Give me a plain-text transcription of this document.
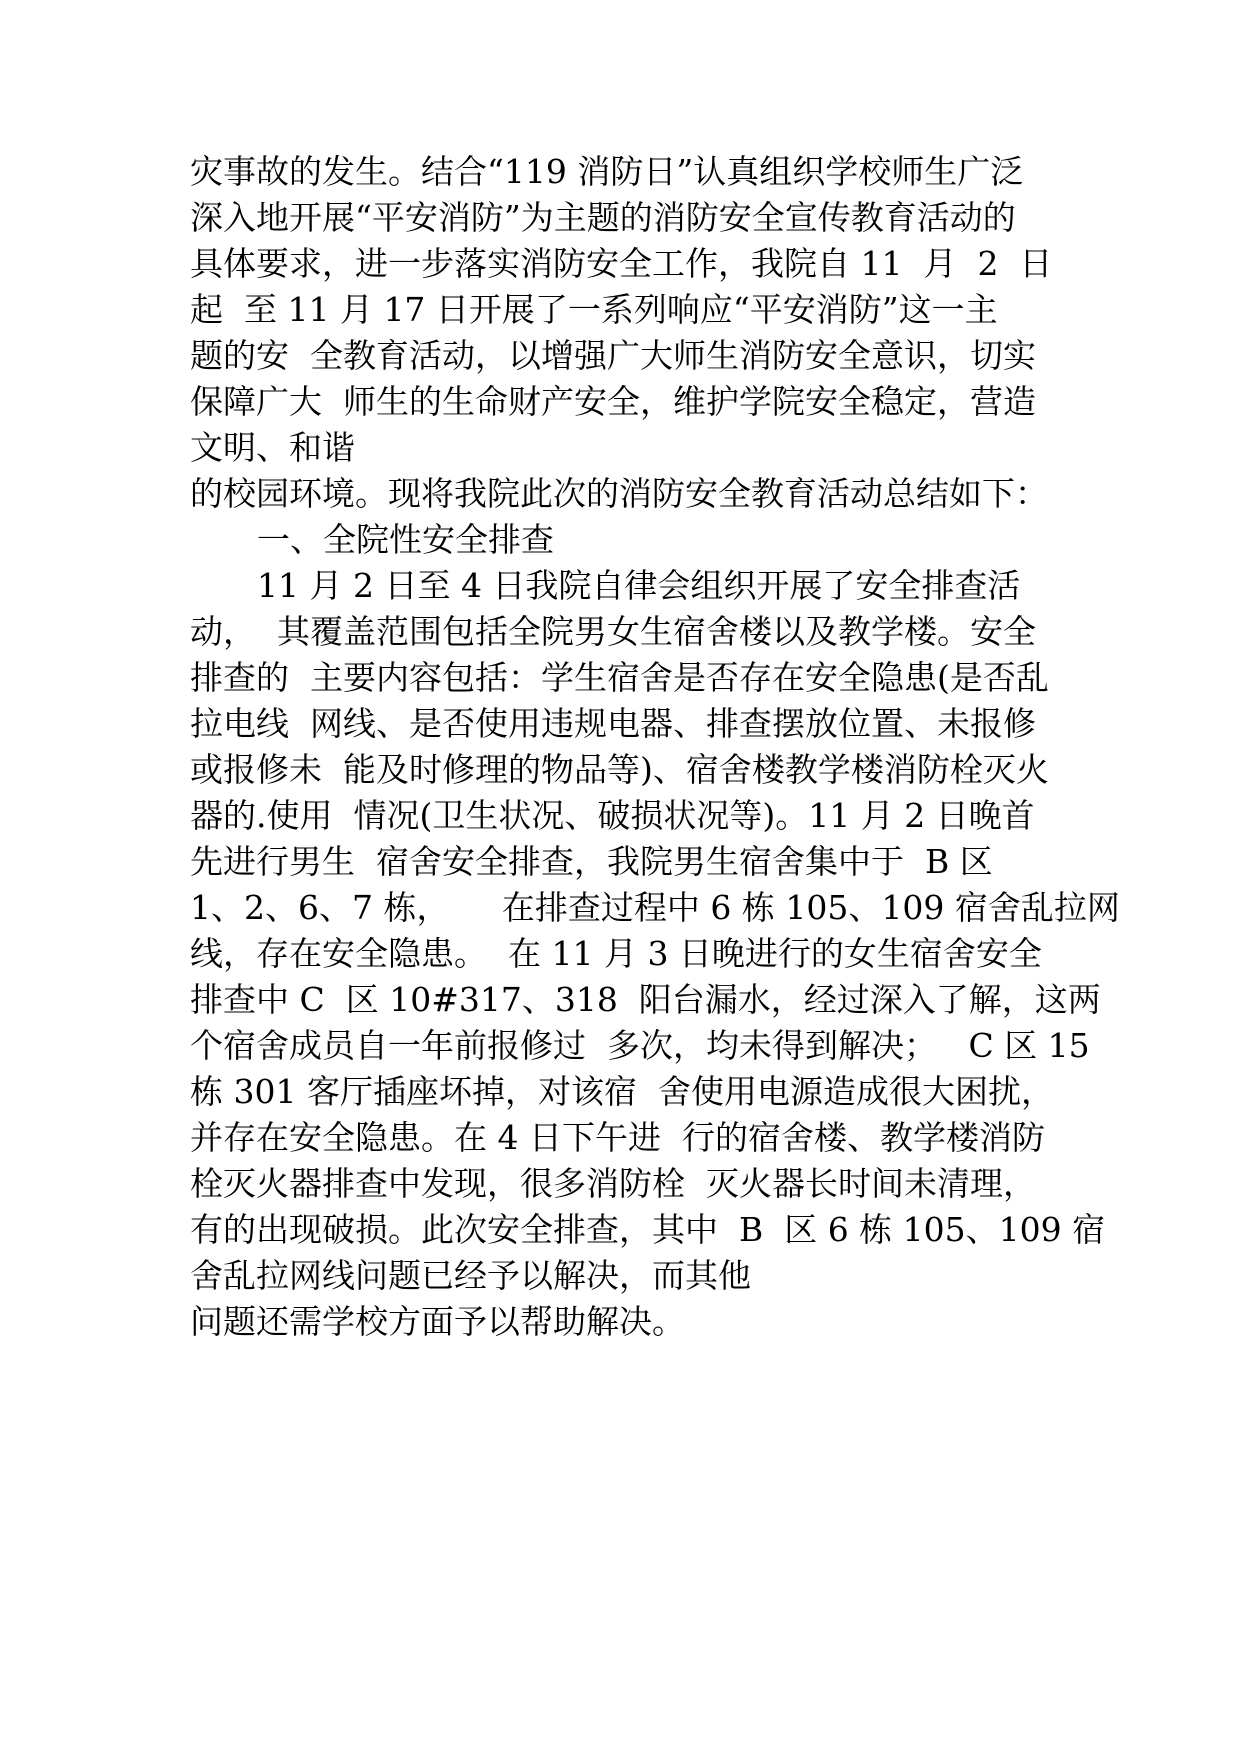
灾事故的发生。结合“119 消防日”认真组织学校师生广泛
深入地开展“平安消防”为主题的消防安全宣传教育活动的
具体要求，进一步落实消防安全工作，我院自 11  月  2  日
起  至 11 月 17 日开展了一系列响应“平安消防”这一主
题的安  全教育活动，以增强广大师生消防安全意识，切实
保障广大  师生的生命财产安全，维护学院安全稳定，营造
文明、和谐
的校园环境。现将我院此次的消防安全教育活动总结如下：
一、全院性安全排查
11 月 2 日至 4 日我院自律会组织开展了安全排查活
动，  其覆盖范围包括全院男女生宿舍楼以及教学楼。安全
排查的  主要内容包括：学生宿舍是否存在安全隐患(是否乱
拉电线  网线、是否使用违规电器、排查摆放位置、未报修
或报修未  能及时修理的物品等)、宿舍楼教学楼消防栓灭火
器的.使用  情况(卫生状况、破损状况等)。11 月 2 日晚首
先进行男生  宿舍安全排查，我院男生宿舍集中于  B 区
1、2、6、7 栋，     在排查过程中 6 栋 105、109 宿舍乱拉网
线，存在安全隐患。  在 11 月 3 日晚进行的女生宿舍安全
排查中 C  区 10#317、318  阳台漏水，经过深入了解，这两
个宿舍成员自一年前报修过  多次，均未得到解决；   C 区 15
栋 301 客厅插座坏掉，对该宿  舍使用电源造成很大困扰，
并存在安全隐患。在 4 日下午进  行的宿舍楼、教学楼消防
栓灭火器排查中发现，很多消防栓  灭火器长时间未清理，
有的出现破损。此次安全排查，其中  B  区 6 栋 105、109 宿
舍乱拉网线问题已经予以解决，而其他
问题还需学校方面予以帮助解决。
